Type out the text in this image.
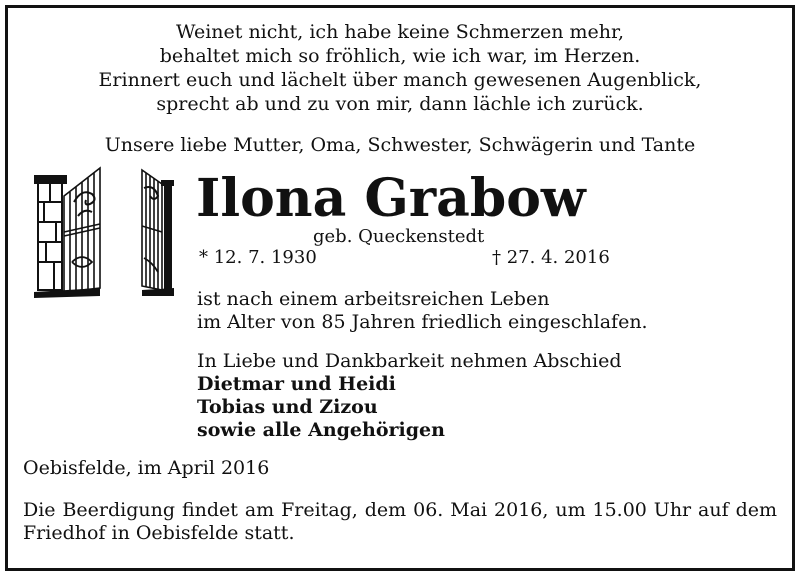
Weinet nicht, ich habe keine Schmerzen mehr,
behaltet mich so fröhlich, wie ich war, im Herzen.
Erinnert euch und lächelt über manch gewesenen Augenblick,
sprecht ab und zu von mir, dann lächle ich zurück.
Unsere liebe Mutter, Oma, Schwester, Schwägerin und Tante
Ilona Grabow
geb. Queckenstedt
* 12. 7. 1930	† 27. 4. 2016
ist nach einem arbeitsreichen Leben
im Alter von 85 Jahren friedlich eingeschlafen.
In Liebe und Dankbarkeit nehmen Abschied
Dietmar und Heidi
Tobias und Zizou
sowie alle Angehörigen
Oebisfelde, im April 2016
Die Beerdigung findet am Freitag, dem 06. Mai 2016, um 15.00 Uhr auf dem
Friedhof in Oebisfelde statt.
